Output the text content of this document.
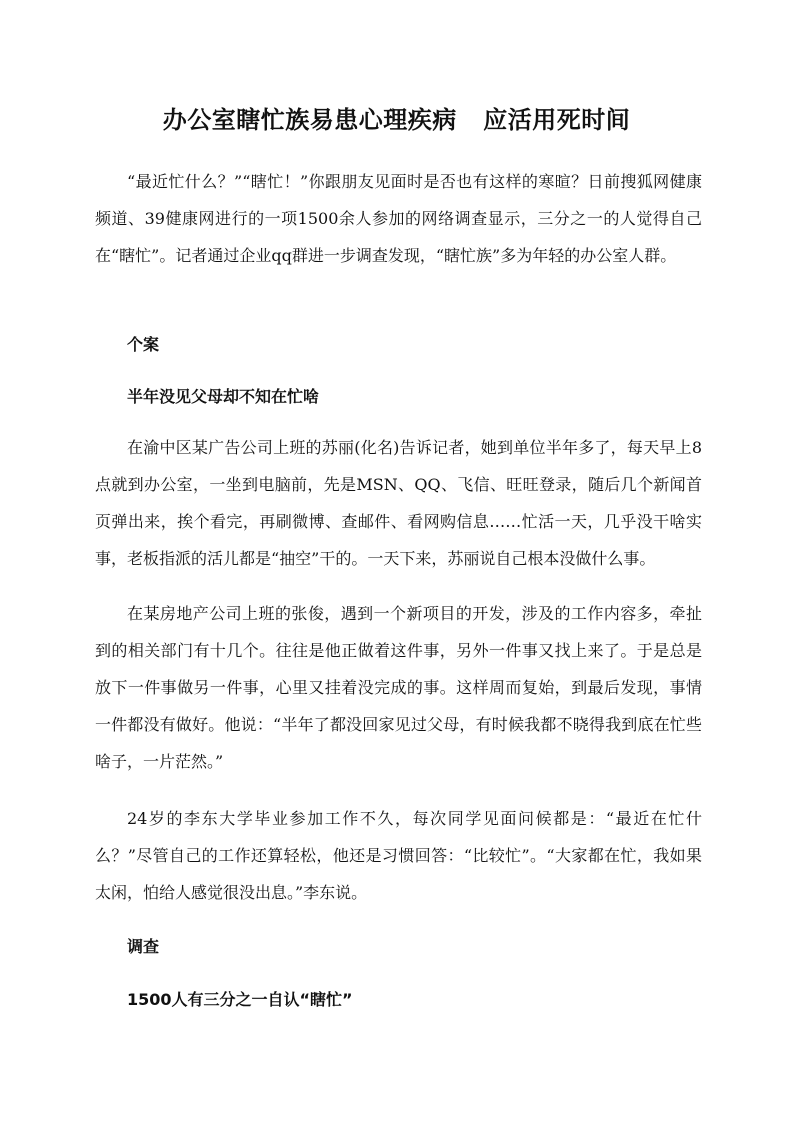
办公室瞎忙族易患心理疾病   应活用死时间

“最近忙什么？”“瞎忙！”你跟朋友见面时是否也有这样的寒暄？日前搜狐网健康频道、39健康网进行的一项1500余人参加的网络调查显示，三分之一的人觉得自己在“瞎忙”。记者通过企业qq群进一步调查发现，“瞎忙族”多为年轻的办公室人群。

个案
半年没见父母却不知在忙啥

在渝中区某广告公司上班的苏丽(化名)告诉记者，她到单位半年多了，每天早上8点就到办公室，一坐到电脑前，先是MSN、QQ、飞信、旺旺登录，随后几个新闻首页弹出来，挨个看完，再刷微博、查邮件、看网购信息……忙活一天，几乎没干啥实事，老板指派的活儿都是“抽空”干的。一天下来，苏丽说自己根本没做什么事。

在某房地产公司上班的张俊，遇到一个新项目的开发，涉及的工作内容多，牵扯到的相关部门有十几个。往往是他正做着这件事，另外一件事又找上来了。于是总是放下一件事做另一件事，心里又挂着没完成的事。这样周而复始，到最后发现，事情一件都没有做好。他说：“半年了都没回家见过父母，有时候我都不晓得我到底在忙些啥子，一片茫然。”

24岁的李东大学毕业参加工作不久，每次同学见面问候都是：“最近在忙什么？”尽管自己的工作还算轻松，他还是习惯回答：“比较忙”。“大家都在忙，我如果太闲，怕给人感觉很没出息。”李东说。

调查
1500人有三分之一自认“瞎忙”
